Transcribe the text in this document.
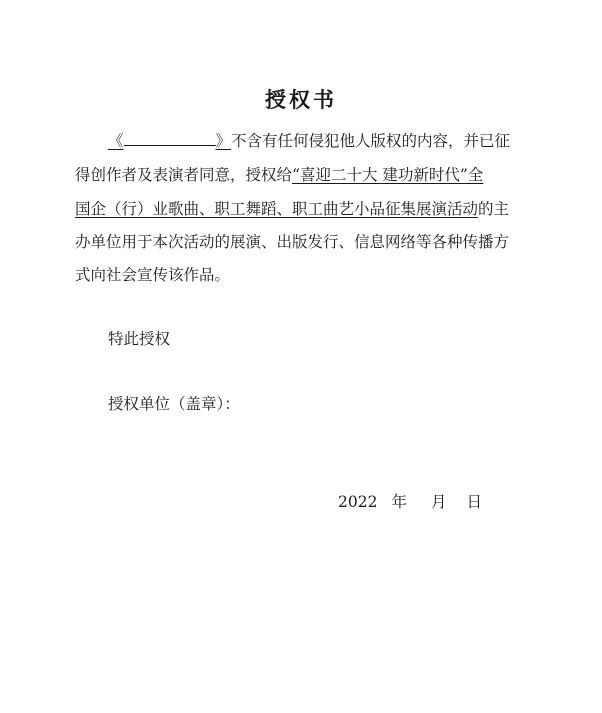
授权书
《	》不含有任何侵犯他人版权的内容，并已征
得创作者及表演者同意，授权给“喜迎二十大 建功新时代”全
国企（行）业歌曲、职工舞蹈、职工曲艺小品征集展演活动的主
办单位用于本次活动的展演、出版发行、信息网络等各种传播方
式向社会宣传该作品。
特此授权
授权单位（盖章）：
2022 年 月 日
